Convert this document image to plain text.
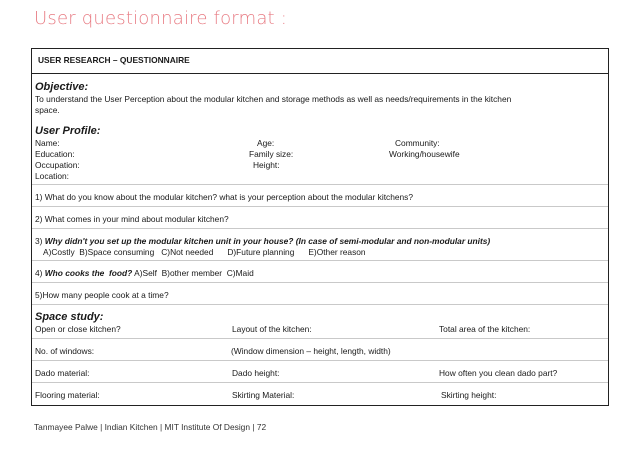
User questionnaire format :
USER RESEARCH – QUESTIONNAIRE
Objective:
To understand the User Perception about the modular kitchen and storage methods as well as needs/requirements in the kitchen
space.
User Profile:
Name:	Age:	Community:
Education:	Family size:	Working/housewife
Occupation:	Height:
Location:
1) What do you know about the modular kitchen? what is your perception about the modular kitchens?
2) What comes in your mind about modular kitchen?
3) Why didn't you set up the modular kitchen unit in your house? (In case of semi-modular and non-modular units)
A)Costly  B)Space consuming   C)Not needed      D)Future planning      E)Other reason
4) Who cooks the  food? A)Self  B)other member  C)Maid
5)How many people cook at a time?
Space study:
Open or close kitchen?	Layout of the kitchen:	Total area of the kitchen:
No. of windows:	(Window dimension – height, length, width)
Dado material:	Dado height:	How often you clean dado part?
Flooring material:	Skirting Material:	Skirting height:
Tanmayee Palwe | Indian Kitchen | MIT Institute Of Design | 72
